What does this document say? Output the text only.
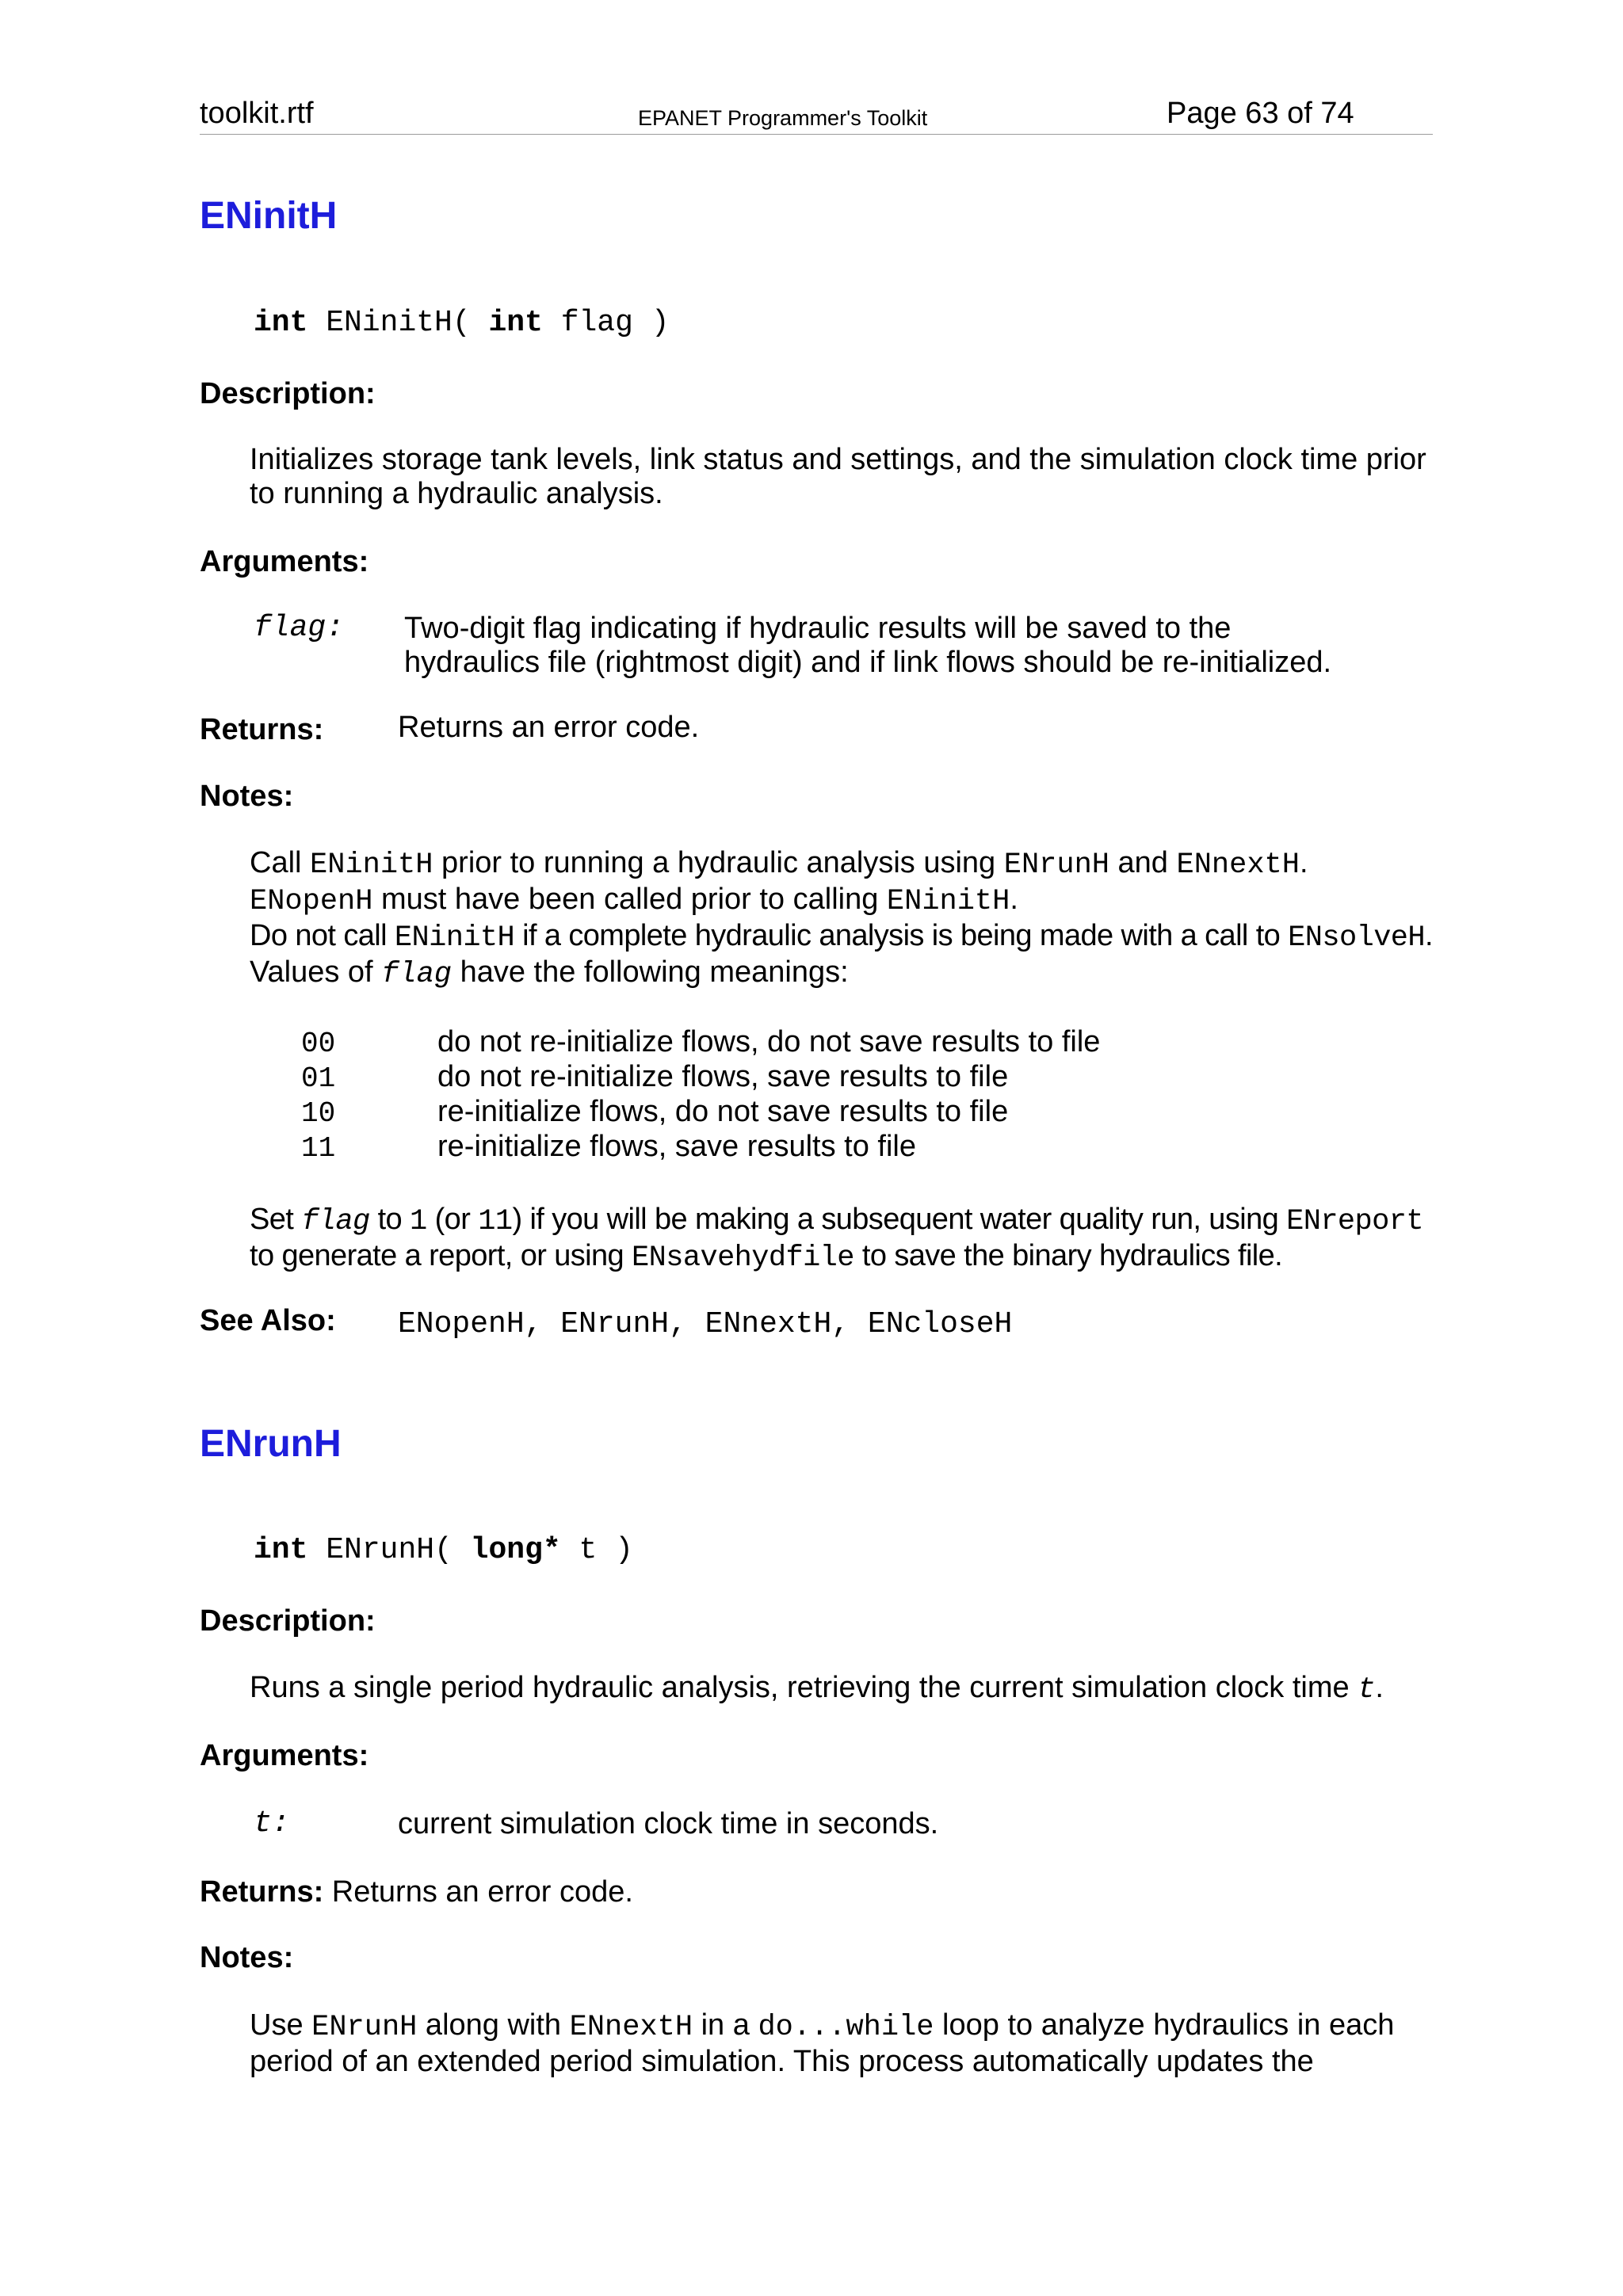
toolkit.rtf	EPANET Programmer's Toolkit	Page 63 of 74
ENinitH
int ENinitH( int flag )
Description:
Initializes storage tank levels, link status and settings, and the simulation clock time prior
to running a hydraulic analysis.
Arguments:
flag: Two-digit flag indicating if hydraulic results will be saved to the
hydraulics file (rightmost digit) and if link flows should be re-initialized.
Returns: Returns an error code.
Notes:
Call ENinitH prior to running a hydraulic analysis using ENrunH and ENnextH.
ENopenH must have been called prior to calling ENinitH.
Do not call ENinitH if a complete hydraulic analysis is being made with a call to ENsolveH.
Values of flag have the following meanings:
00	do not re-initialize flows, do not save results to file
01	do not re-initialize flows, save results to file
10	re-initialize flows, do not save results to file
11	re-initialize flows, save results to file
Set flag to 1 (or 11) if you will be making a subsequent water quality run, using ENreport
to generate a report, or using ENsavehydfile to save the binary hydraulics file.
See Also: ENopenH, ENrunH, ENnextH, ENcloseH
ENrunH
int ENrunH( long* t )
Description:
Runs a single period hydraulic analysis, retrieving the current simulation clock time t.
Arguments:
t:	current simulation clock time in seconds.
Returns: Returns an error code.
Notes:
Use ENrunH along with ENnextH in a do...while loop to analyze hydraulics in each
period of an extended period simulation. This process automatically updates the
